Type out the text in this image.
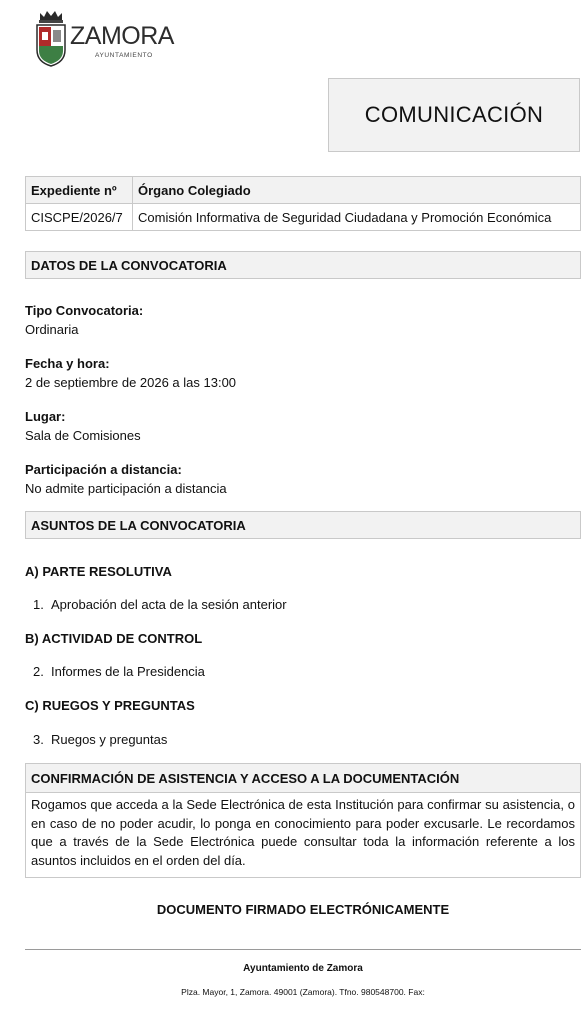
ZAMORA
AYUNTAMIENTO
COMUNICACIÓN
Expediente nº	Órgano Colegiado
CISCPE/2026/7	Comisión Informativa de Seguridad Ciudadana y Promoción Económica
DATOS DE LA CONVOCATORIA
Tipo Convocatoria:
Ordinaria
Fecha y hora:
2 de septiembre de 2026 a las 13:00
Lugar:
Sala de Comisiones
Participación a distancia:
No admite participación a distancia
ASUNTOS DE LA CONVOCATORIA
A) PARTE RESOLUTIVA
1. Aprobación del acta de la sesión anterior
B) ACTIVIDAD DE CONTROL
2. Informes de la Presidencia
C) RUEGOS Y PREGUNTAS
3. Ruegos y preguntas
CONFIRMACIÓN DE ASISTENCIA Y ACCESO A LA DOCUMENTACIÓN
Rogamos que acceda a la Sede Electrónica de esta Institución para confirmar su asistencia, o en caso de no poder acudir, lo ponga en conocimiento para poder excusarle. Le recordamos que a través de la Sede Electrónica puede consultar toda la información referente a los asuntos incluidos en el orden del día.
DOCUMENTO FIRMADO ELECTRÓNICAMENTE
Ayuntamiento de Zamora
Plza. Mayor, 1, Zamora. 49001 (Zamora). Tfno. 980548700. Fax:
